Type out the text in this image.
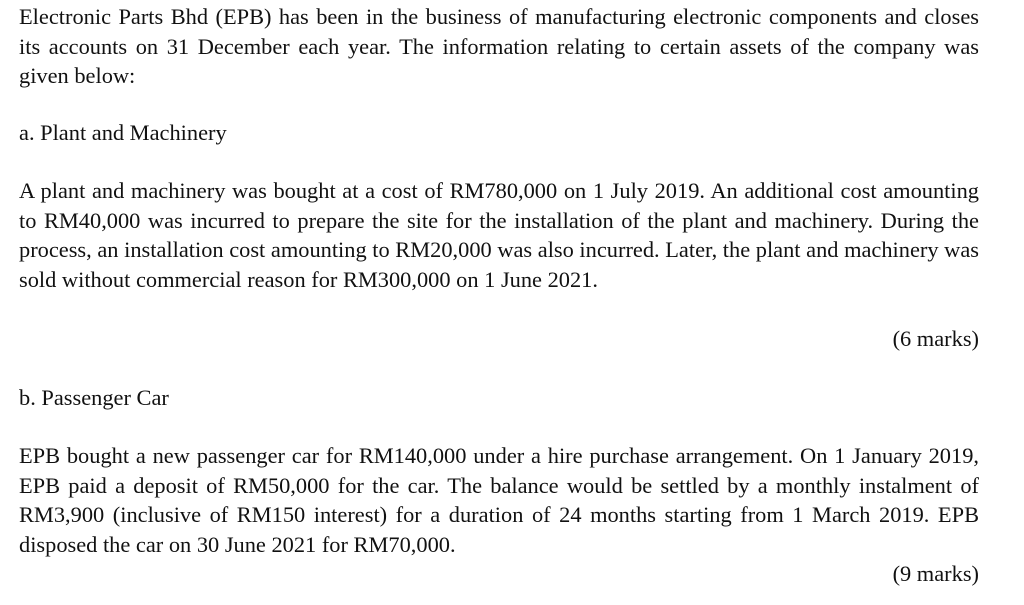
Electronic Parts Bhd (EPB) has been in the business of manufacturing electronic components and closes its accounts on 31 December each year. The information relating to certain assets of the company was given below:

a. Plant and Machinery

A plant and machinery was bought at a cost of RM780,000 on 1 July 2019. An additional cost amounting to RM40,000 was incurred to prepare the site for the installation of the plant and machinery. During the process, an installation cost amounting to RM20,000 was also incurred. Later, the plant and machinery was sold without commercial reason for RM300,000 on 1 June 2021.

(6 marks)

b. Passenger Car

EPB bought a new passenger car for RM140,000 under a hire purchase arrangement. On 1 January 2019, EPB paid a deposit of RM50,000 for the car. The balance would be settled by a monthly instalment of RM3,900 (inclusive of RM150 interest) for a duration of 24 months starting from 1 March 2019. EPB disposed the car on 30 June 2021 for RM70,000.

(9 marks)
